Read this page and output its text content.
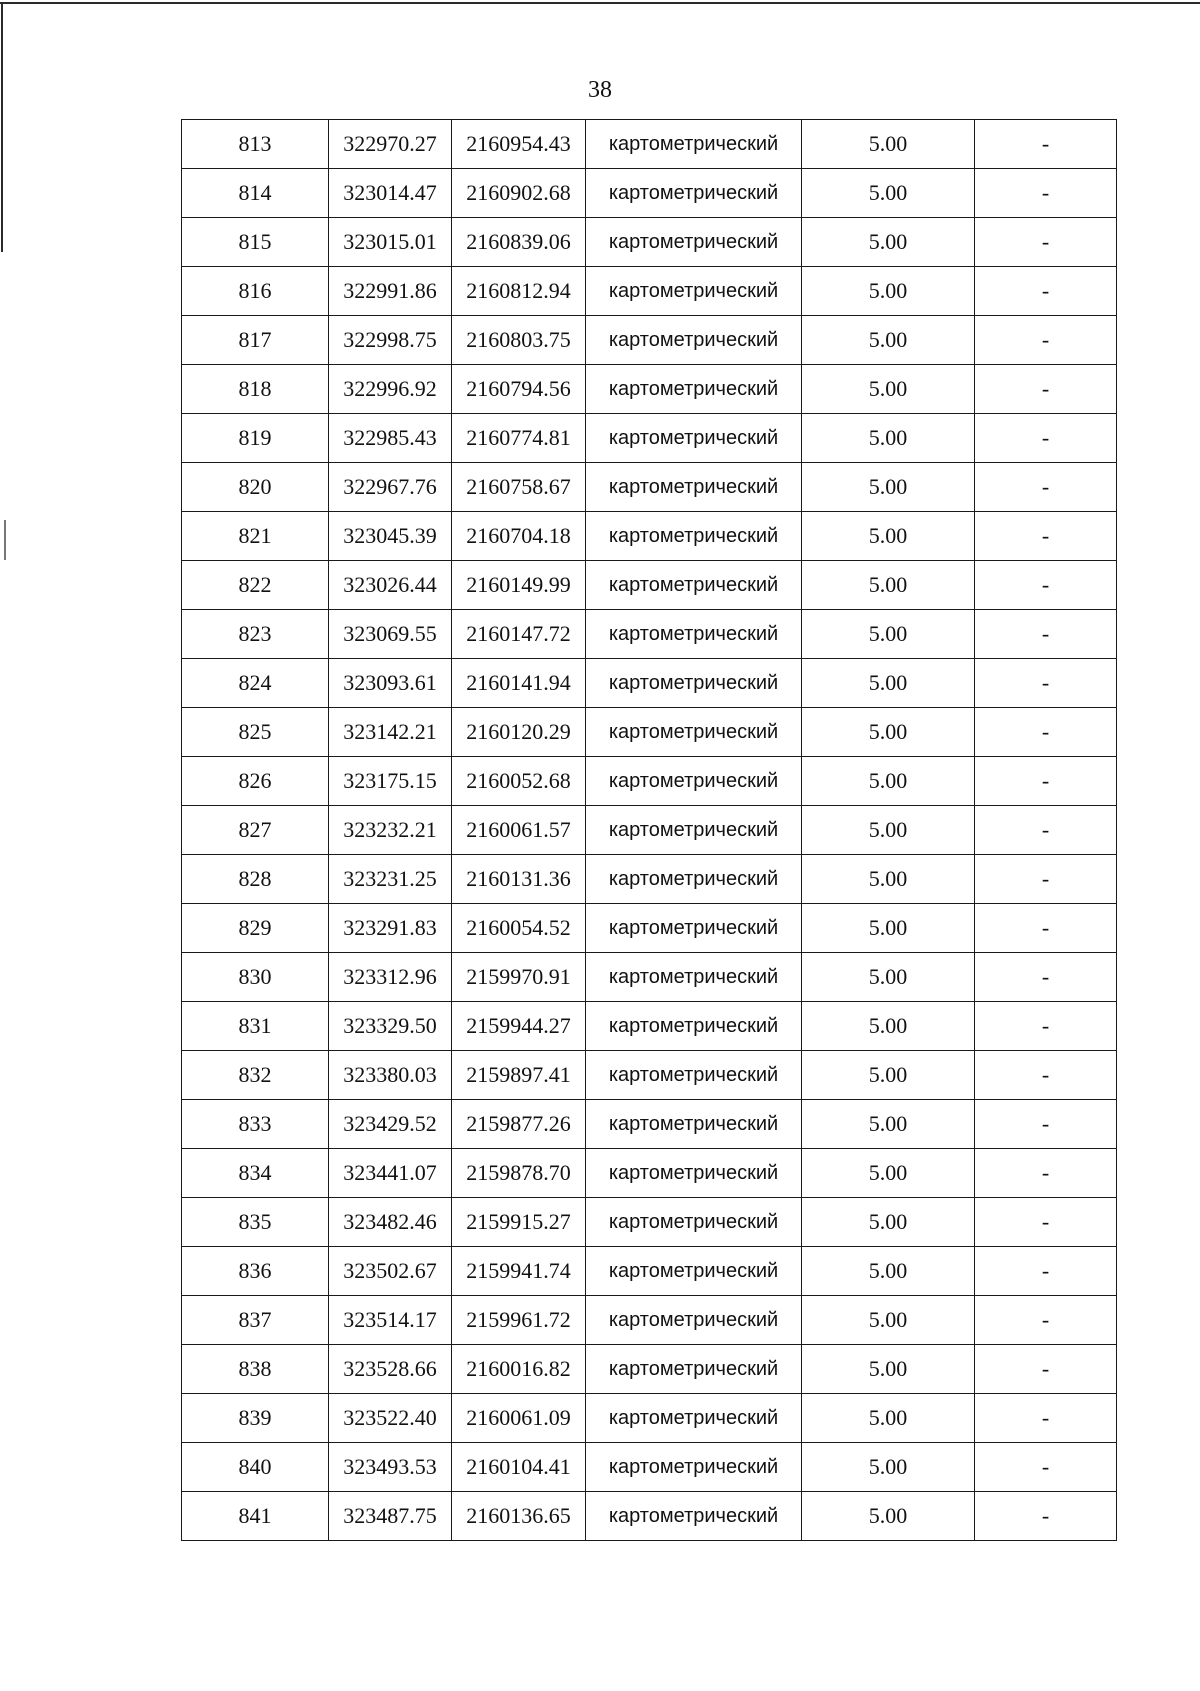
38
813	322970.27	2160954.43	картометрический	5.00	-
814	323014.47	2160902.68	картометрический	5.00	-
815	323015.01	2160839.06	картометрический	5.00	-
816	322991.86	2160812.94	картометрический	5.00	-
817	322998.75	2160803.75	картометрический	5.00	-
818	322996.92	2160794.56	картометрический	5.00	-
819	322985.43	2160774.81	картометрический	5.00	-
820	322967.76	2160758.67	картометрический	5.00	-
821	323045.39	2160704.18	картометрический	5.00	-
822	323026.44	2160149.99	картометрический	5.00	-
823	323069.55	2160147.72	картометрический	5.00	-
824	323093.61	2160141.94	картометрический	5.00	-
825	323142.21	2160120.29	картометрический	5.00	-
826	323175.15	2160052.68	картометрический	5.00	-
827	323232.21	2160061.57	картометрический	5.00	-
828	323231.25	2160131.36	картометрический	5.00	-
829	323291.83	2160054.52	картометрический	5.00	-
830	323312.96	2159970.91	картометрический	5.00	-
831	323329.50	2159944.27	картометрический	5.00	-
832	323380.03	2159897.41	картометрический	5.00	-
833	323429.52	2159877.26	картометрический	5.00	-
834	323441.07	2159878.70	картометрический	5.00	-
835	323482.46	2159915.27	картометрический	5.00	-
836	323502.67	2159941.74	картометрический	5.00	-
837	323514.17	2159961.72	картометрический	5.00	-
838	323528.66	2160016.82	картометрический	5.00	-
839	323522.40	2160061.09	картометрический	5.00	-
840	323493.53	2160104.41	картометрический	5.00	-
841	323487.75	2160136.65	картометрический	5.00	-
